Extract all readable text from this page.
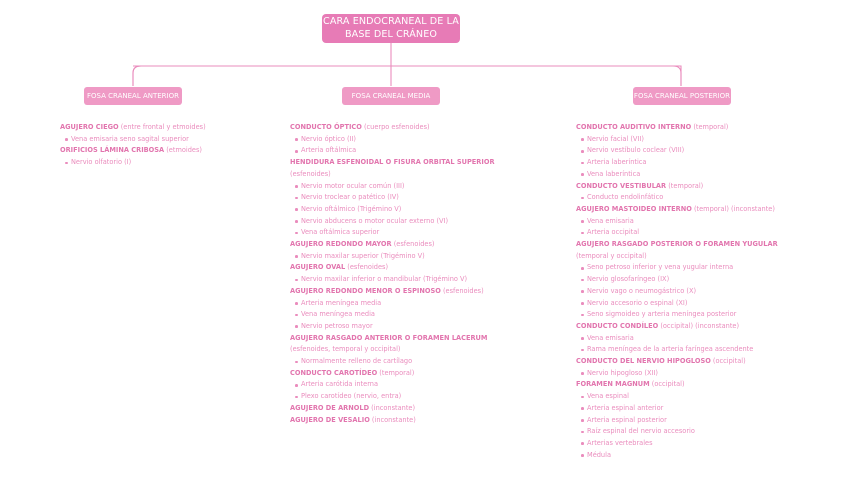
CARA ENDOCRANEAL DE LA
BASE DEL CRÁNEO
FOSA CRANEAL ANTERIOR	FOSA CRANEAL MEDIA	FOSA CRANEAL POSTERIOR
AGUJERO CIEGO (entre frontal y etmoides)
Vena emisaria seno sagital superior
ORIFICIOS LÁMINA CRIBOSA (etmoides)
Nervio olfatorio (I)
CONDUCTO ÓPTICO (cuerpo esfenoides)
Nervio óptico (II)
Arteria oftálmica
HENDIDURA ESFENOIDAL O FISURA ORBITAL SUPERIOR
(esfenoides)
Nervio motor ocular común (III)
Nervio troclear o patético (IV)
Nervio oftálmico (Trigémino V)
Nervio abducens o motor ocular externo (VI)
Vena oftálmica superior
AGUJERO REDONDO MAYOR (esfenoides)
Nervio maxilar superior (Trigémino V)
AGUJERO OVAL (esfenoides)
Nervio maxilar inferior o mandibular (Trigémino V)
AGUJERO REDONDO MENOR O ESPINOSO (esfenoides)
Arteria meníngea media
Vena meníngea media
Nervio petroso mayor
AGUJERO RASGADO ANTERIOR O FORAMEN LACERUM
(esfenoides, temporal y occipital)
Normalmente relleno de cartílago
CONDUCTO CAROTÍDEO (temporal)
Arteria carótida interna
Plexo carotídeo (nervio, entra)
AGUJERO DE ARNOLD (inconstante)
AGUJERO DE VESALIO (inconstante)
CONDUCTO AUDITIVO INTERNO (temporal)
Nervio facial (VII)
Nervio vestíbulo coclear (VIII)
Arteria laberíntica
Vena laberíntica
CONDUCTO VESTIBULAR (temporal)
Conducto endolinfático
AGUJERO MASTOIDEO INTERNO (temporal) (inconstante)
Vena emisaria
Arteria occipital
AGUJERO RASGADO POSTERIOR O FORAMEN YUGULAR
(temporal y occipital)
Seno petroso inferior y vena yugular interna
Nervio glosofaríngeo (IX)
Nervio vago o neumogástrico (X)
Nervio accesorio o espinal (XI)
Seno sigmoideo y arteria meníngea posterior
CONDUCTO CONDÍLEO (occipital) (inconstante)
Vena emisaria
Rama meníngea de la arteria faríngea ascendente
CONDUCTO DEL NERVIO HIPOGLOSO (occipital)
Nervio hipogloso (XII)
FORAMEN MAGNUM (occipital)
Vena espinal
Arteria espinal anterior
Arteria espinal posterior
Raíz espinal del nervio accesorio
Arterias vertebrales
Médula
